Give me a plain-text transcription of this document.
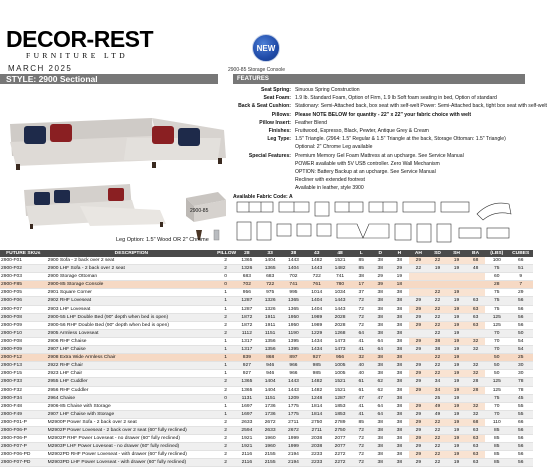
DECOR-REST
FURNITURE LTD
MARCH 2025
NEW
2900-85 Storage Console
STYLE: 2900 Sectional	FEATURES
2900-85
Leg Option: 1.5" Wood OR 2" Chrome
Seat Spring: Sinuous Spring Construction
Seat Foam: 1.9 lb. Standard Foam, Option of Firm, 1.9 lb Soft foam seating in bed, Option of standard
Back & Seat Cushion: Stationary: Semi-Attached back, box seat with self-welt Power: Semi-Attached back, tight box seat with self-welt
Pillows: Please NOTE BELOW for quantity - 22" x 22" your fabric choice with welt
Pillow Insert: Feather Blend
Finishes: Fruitwood, Espresso, Black, Pewter, Antique Grey & Cream
Leg Type: 1.5" Triangle. (2964: 1.5" Regular & 1.5" Triangle at the back, Storage Ottoman: 1.5" Triangle)
Optional: 2" Chrome Leg available
Special Features: Premium Memory Gel Foam Mattress at an upcharge. See Service Manual
POWER available with 5V USB controller. Zero Wall Mechanism
OPTION: Battery Backup at an upcharge. See Service Manual
Recliner with extended footrest
Available in leather, style 3900
Available Fabric Code: A
FUTURE SKUs	DESCRIPTION	PILLOW	28	33	38	43	48	L	D	H	AH	SD	SH	BA	(LBS)	CUBES
2900-F01	2900 Sofa - 2 back over 2 seat	2	1365	1404	1443	1482	1521	85	38	38	29	22	19	68	100	66
2900-F02	2900 LHF Sofa - 2 back over 2 seat	2	1326	1365	1404	1443	1482	85	38	29	22	19	19	48	75	51
2900-F03	2900 Storage Ottoman	0	683	683	702	722	741	38	29	19					60	9
2900-F85	2900-85 Storage Console	0	702	722	741	761	780	17	39	18					28	7
2900-F05	2901 Square Corner	1	956	975	995	1014	1034	37	38	38		22	19		75	29
2900-F06	2902 RHF Loveseat	1	1287	1326	1365	1404	1443	72	38	38	29	22	19	63	75	56
2900-F07	2903 LHF Loveseat	1	1287	1326	1365	1404	1443	72	38	38	29	22	19	63	75	56
2900-F08	2900-55 LHF Double Bed (90" depth when bed is open)	2	1872	1911	1950	1989	2028	72	38	38	29	22	19	63	125	56
2900-F09	2900-56 RHF Double Bed (90" depth when bed is open)	2	1872	1911	1950	1989	2028	72	38	38	29	22	19	63	125	56
2900-F10	2905 Armless Loveseat	2	1112	1151	1190	1229	1268	64	38	38		22	19		70	50
2900-F08	2906 RHF Chaise	1	1317	1356	1395	1434	1473	41	64	38	29	38	19	32	70	54
2900-F09	2907 LHF Chaise	1	1317	1356	1395	1434	1473	41	64	38	29	38	19	32	70	54
2900-F12	2908 Extra Wide Armless Chair	1	839	868	897	927	956	32	38	38		22	19		50	25
2900-F13	2922 RHF Chair	1	927	946	966	985	1005	40	38	38	29	22	19	32	50	30
2900-F15	2923 LHF Chair	1	927	946	966	985	1005	40	38	38	29	22	19	32	50	30
2900-F33	2955 LHF Cuddler	2	1365	1404	1443	1482	1521	61	62	38	29	34	19	28	125	78
2900-F32	2956 RHF Cuddler	2	1365	1404	1443	1482	1521	61	62	38	29	34	19	28	125	78
2900-F34	2964 Chaise	0	1131	1151	1209	1248	1287	47	47	38		25	19		75	45
2900-F48	2906-85 Chaise with Storage	1	1697	1736	1775	1814	1853	41	64	38	29	49	19	32	70	55
2900-F49	2907 LHF Chaise with Storage	1	1697	1736	1775	1814	1853	41	64	38	29	49	19	32	70	55
2900-F01-P	M2900P Power Sofa - 2 back over 2 seat	2	2633	2672	2711	2750	2789	85	38	38	29	22	19	68	110	66
2900-F06-P	M2902P Power Loveseat - 2 back over 2 seat (60" fully reclined)	2	2594	2633	2672	2711	2750	72	38	38	29	22	19	63	85	56
2900-F06-P	M2902P RHF Power Loveseat - no drawer (60" fully reclined)	2	1921	1960	1999	2038	2077	72	38	38	29	22	19	63	85	56
2900-F07-P	M2903P LHF Power Loveseat - no drawer (60" fully reclined)	2	1921	1960	1999	2038	2077	72	38	38	29	22	19	63	85	56
2900-F06-PD	M2902PD RHF Power Loveseat - with drawer (60" fully reclined)	2	2116	2155	2194	2233	2272	72	38	38	29	22	19	63	85	56
2900-F07-PD	M2903PD LHF Power Loveseat - with drawer (60" fully reclined)	2	2116	2155	2194	2233	2272	72	38	38	29	22	19	63	85	56
